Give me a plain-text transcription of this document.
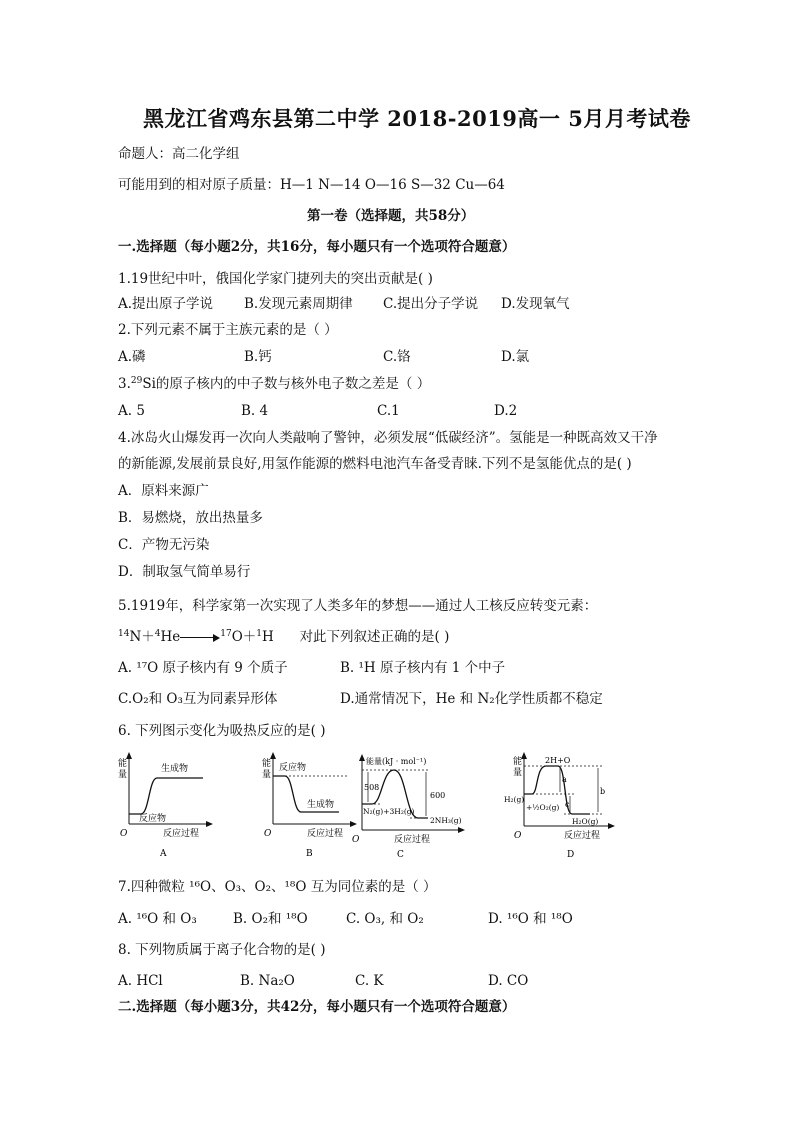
黑龙江省鸡东县第二中学 2018-2019高一 5月月考试卷
命题人：高二化学组
可能用到的相对原子质量：H—1 N—14 O—16 S—32 Cu—64
第一卷（选择题，共58分）
一.选择题（每小题2分，共16分，每小题只有一个选项符合题意）
1.19世纪中叶，俄国化学家门捷列夫的突出贡献是( )
A.提出原子学说 B.发现元素周期律 C.提出分子学说 D.发现氧气
2.下列元素不属于主族元素的是（ ）
A.磷	B.钙	C.铬	D.氯
3.29Si的原子核内的中子数与核外电子数之差是（ ）
A. 5	B. 4	C.1	D.2
4.冰岛火山爆发再一次向人类敲响了警钟，必须发展“低碳经济”。氢能是一种既高效又干净
的新能源,发展前景良好,用氢作能源的燃料电池汽车备受青睐.下列不是氢能优点的是( )
A．原料来源广
B．易燃烧，放出热量多
C．产物无污染
D．制取氢气简单易行
5.1919年，科学家第一次实现了人类多年的梦想——通过人工核反应转变元素：
$^{14}$N＋$^4$He	$^{17}$O＋$^1$H      对此下列叙述正确的是( )
A. ¹⁷O 原子核内有 9 个质子	B. ¹H 原子核内有 1 个中子
C.O₂和 O₃互为同素异形体	D.通常情况下，He 和 N₂化学性质都不稳定
6. 下列图示变化为吸热反应的是( )
能
量
生成物
反应物
O	反应过程
A
能
量
反应物
生成物
O	反应过程
B
能量(kJ · mol⁻¹)
508
600
N₂(g)+3H₂(g)
2NH₃(g)
O	反应过程
C
能
量
2H+O
a
c
b
H₂(g)
+½O₂(g)
H₂O(g)
O	反应过程
D
7.四种微粒 ¹⁶O、O₃、O₂、¹⁸O 互为同位素的是（ ）
A. ¹⁶O 和 O₃	B. O₂和 ¹⁸O	C. O₃, 和 O₂	D. ¹⁶O 和 ¹⁸O
8. 下列物质属于离子化合物的是( )
A. HCl	B. Na₂O	C. K	D. CO
二.选择题（每小题3分，共42分，每小题只有一个选项符合题意）
